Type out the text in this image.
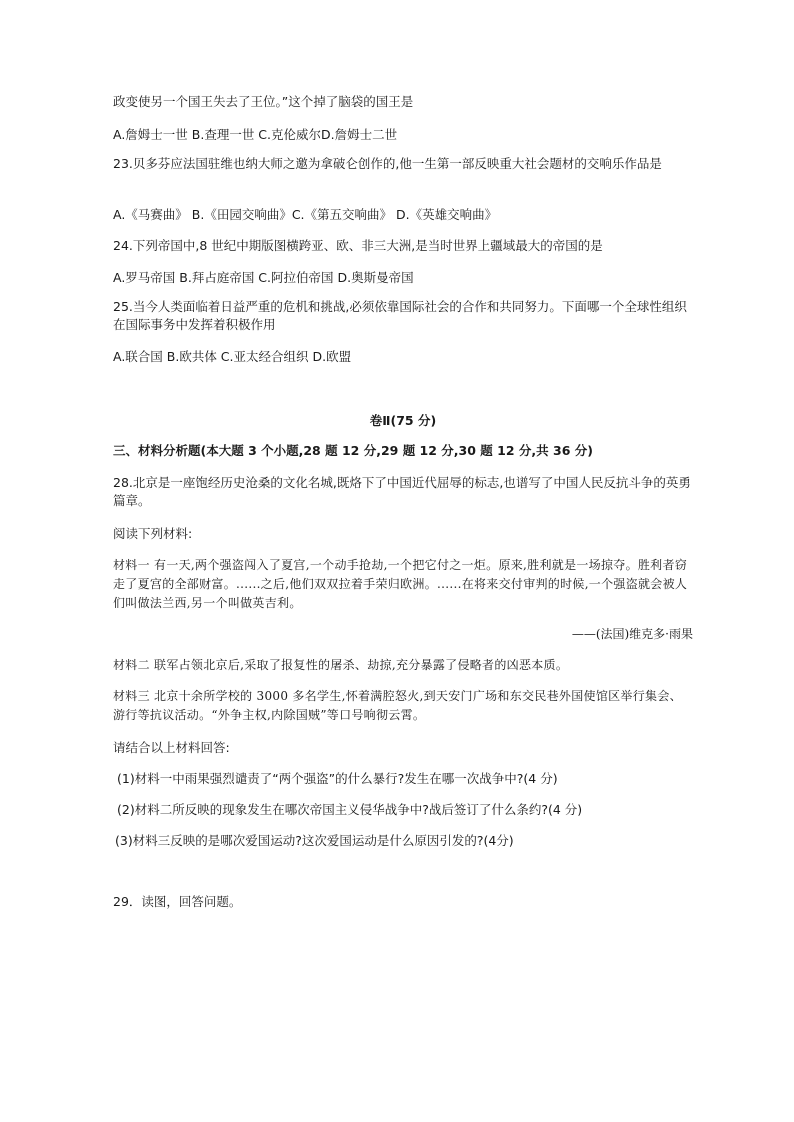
政变使另一个国王失去了王位。”这个掉了脑袋的国王是
A.詹姆士一世 B.查理一世 C.克伦威尔D.詹姆士二世
23.贝多芬应法国驻维也纳大师之邀为拿破仑创作的,他一生第一部反映重大社会题材的交响乐作品是
A.《马赛曲》 B.《田园交响曲》C.《第五交响曲》 D.《英雄交响曲》
24.下列帝国中,8 世纪中期版图横跨亚、欧、非三大洲,是当时世界上疆域最大的帝国的是
A.罗马帝国 B.拜占庭帝国 C.阿拉伯帝国 D.奥斯曼帝国
25.当今人类面临着日益严重的危机和挑战,必须依靠国际社会的合作和共同努力。下面哪一个全球性组织在国际事务中发挥着积极作用
A.联合国 B.欧共体 C.亚太经合组织 D.欧盟
卷Ⅱ(75 分)
三、材料分析题(本大题 3 个小题,28 题 12 分,29 题 12 分,30 题 12 分,共 36 分)
28.北京是一座饱经历史沧桑的文化名城,既烙下了中国近代屈辱的标志,也谱写了中国人民反抗斗争的英勇篇章。
阅读下列材料:
材料一 有一天,两个强盗闯入了夏宫,一个动手抢劫,一个把它付之一炬。原来,胜利就是一场掠夺。胜利者窃走了夏宫的全部财富。......之后,他们双双拉着手荣归欧洲。......在将来交付审判的时候,一个强盗就会被人们叫做法兰西,另一个叫做英吉利。
——(法国)维克多·雨果
材料二 联军占领北京后,采取了报复性的屠杀、劫掠,充分暴露了侵略者的凶恶本质。
材料三 北京十余所学校的 3000 多名学生,怀着满腔怒火,到天安门广场和东交民巷外国使馆区举行集会、游行等抗议活动。“外争主权,内除国贼”等口号响彻云霄。
请结合以上材料回答:
(1)材料一中雨果强烈谴责了“两个强盗”的什么暴行?发生在哪一次战争中?(4 分)
(2)材料二所反映的现象发生在哪次帝国主义侵华战争中?战后签订了什么条约?(4 分)
(3)材料三反映的是哪次爱国运动?这次爱国运动是什么原因引发的?(4分)
29．读图，回答问题。
